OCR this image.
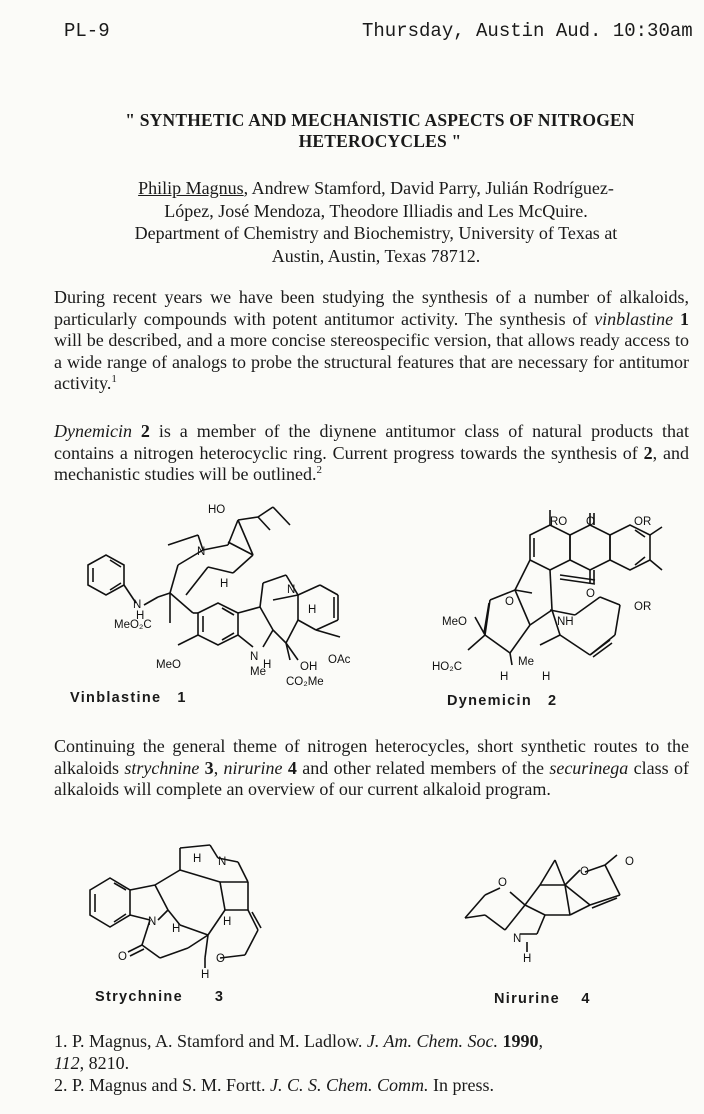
PL-9	Thursday, Austin Aud. 10:30am
" SYNTHETIC AND MECHANISTIC ASPECTS OF NITROGEN
HETEROCYCLES "
Philip Magnus, Andrew Stamford, David Parry, Julián Rodríguez-
López, José Mendoza, Theodore Illiadis and Les McQuire.
Department of Chemistry and Biochemistry, University of Texas at
Austin, Austin, Texas 78712.
During recent years we have been studying the synthesis of a number of alkaloids, particularly compounds with potent antitumor activity. The synthesis of vinblastine 1 will be described, and a more concise stereospecific version, that allows ready access to a wide range of analogs to probe the structural features that are necessary for antitumor activity.$^1$
Dynemicin 2 is a member of the diynene antitumor class of natural products that contains a nitrogen heterocyclic ring. Current progress towards the synthesis of 2, and mechanistic studies will be outlined.$^2$
HO
N
H	N
H
MeO₂C
N
H
MeO
N
H
Me	OH
CO₂Me
OAc
Vinblastine 1
RO O	OR
O
OR
O
MeO	NH
HO₂C	Me
H	H
Dynemicin 2
Continuing the general theme of nitrogen heterocycles, short synthetic routes to the alkaloids strychnine 3, nirurine 4 and other related members of the securinega class of alkaloids will complete an overview of our current alkaloid program.
H N
N
H
H
O	O
H
Strychnine 3
O
O
O
N
H
Nirurine 4
1. P. Magnus, A. Stamford and M. Ladlow. J. Am. Chem. Soc. 1990,
112, 8210.
2. P. Magnus and S. M. Fortt. J. C. S. Chem. Comm. In press.
